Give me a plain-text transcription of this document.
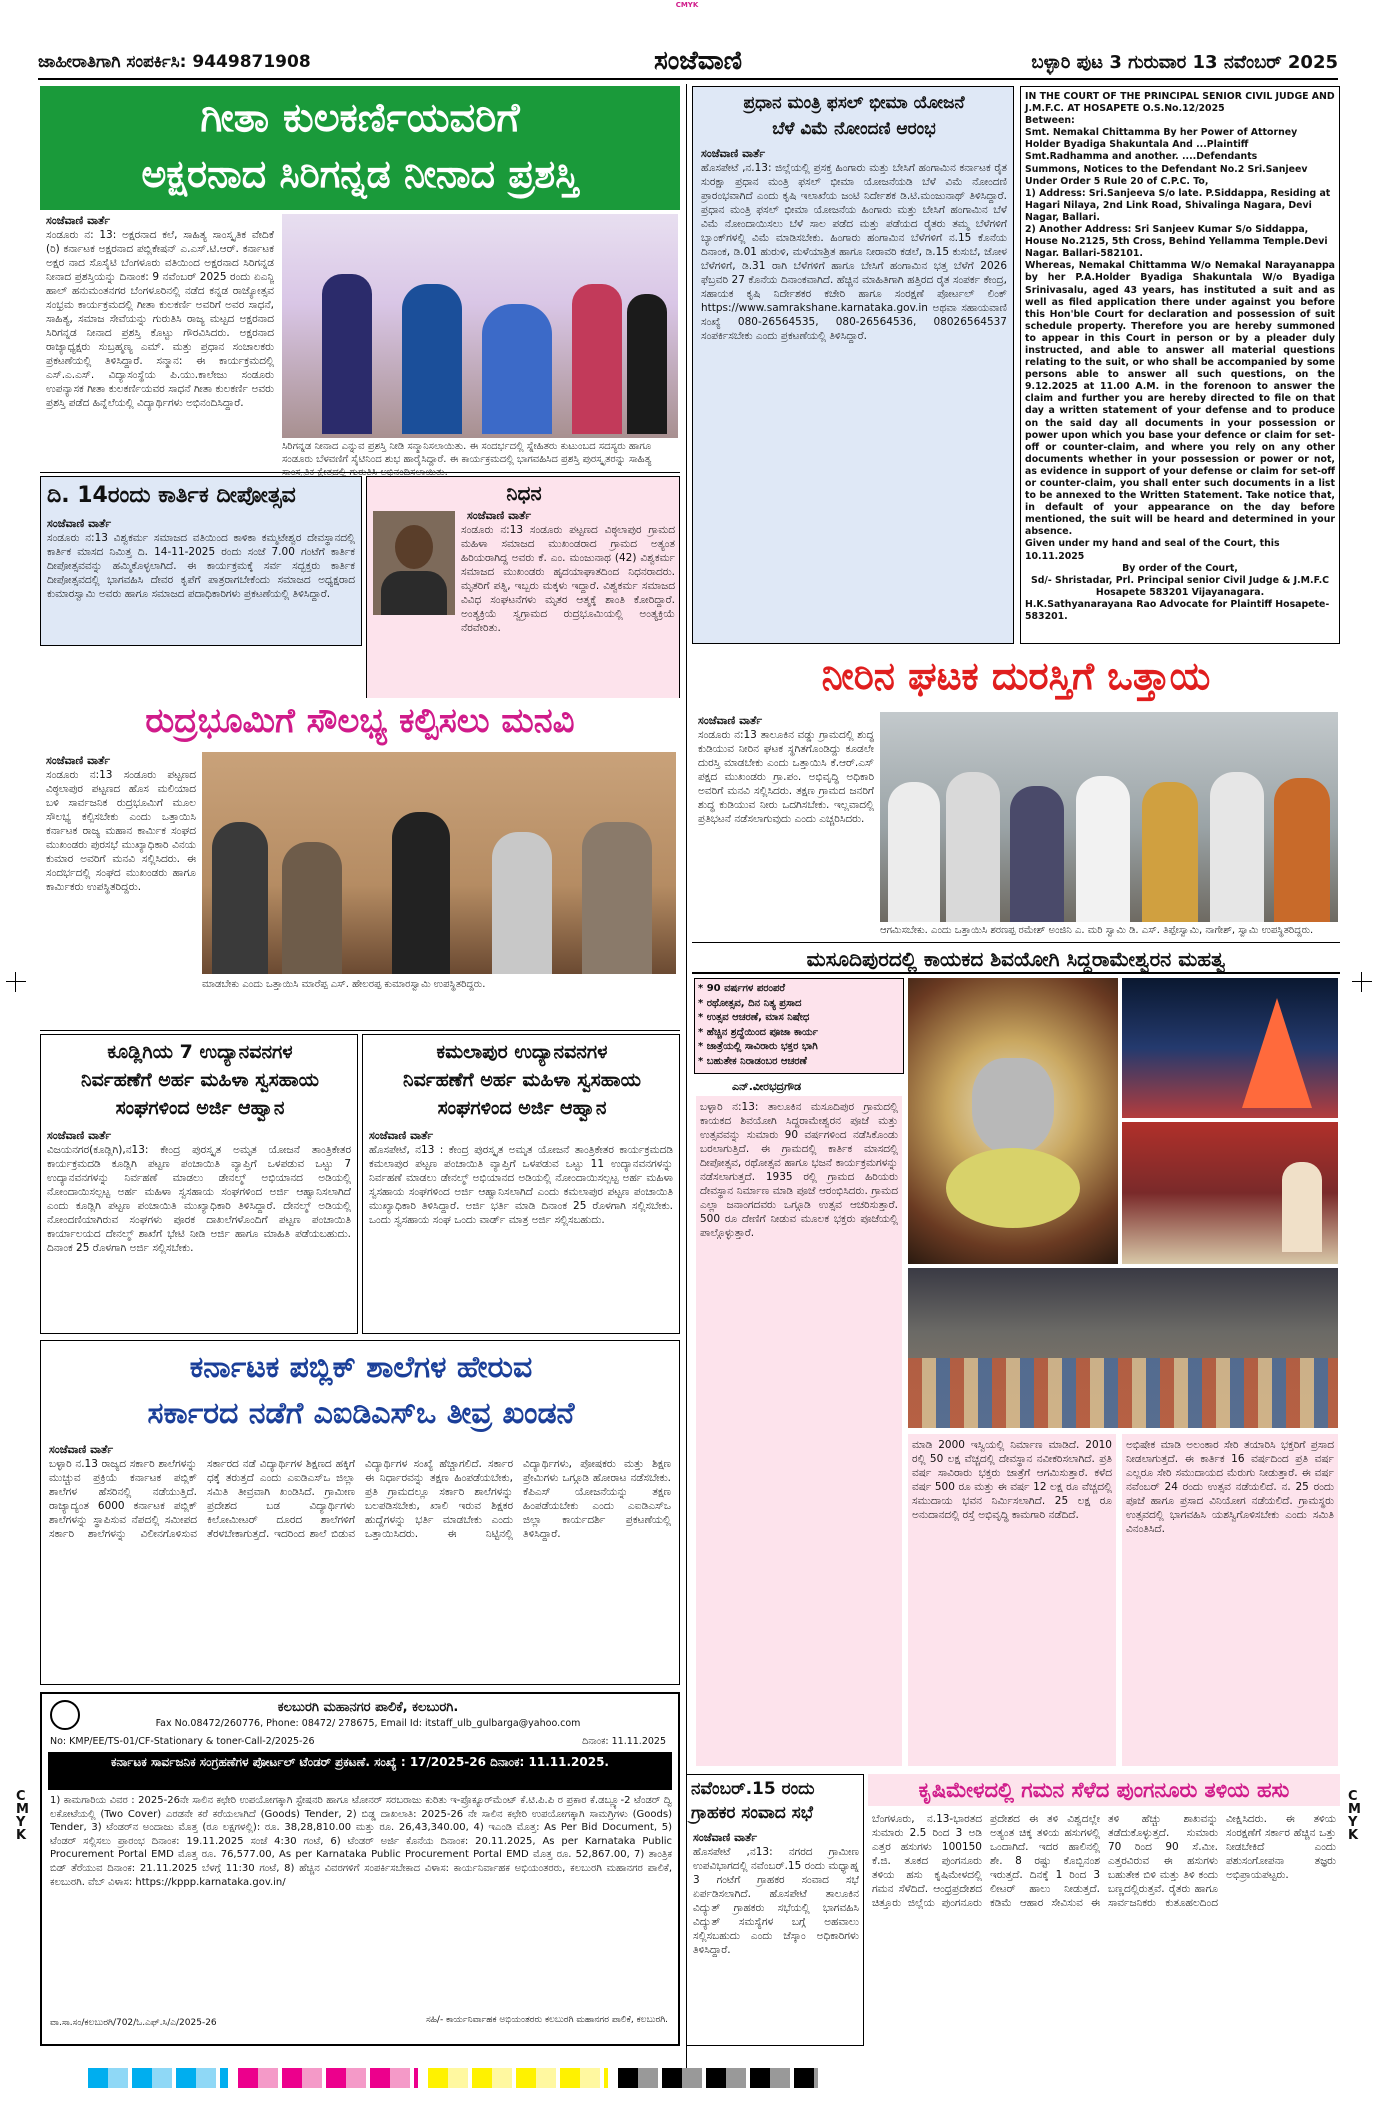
CMYK
ಜಾಹೀರಾತಿಗಾಗಿ ಸಂಪರ್ಕಿಸಿ: 9449871908	ಸಂಜೆವಾಣಿ	ಬಳ್ಳಾರಿ ಪುಟ 3 ಗುರುವಾರ 13 ನವೆಂಬರ್ 2025
ಗೀತಾ ಕುಲಕರ್ಣಿಯವರಿಗೆ
ಅಕ್ಷರನಾದ ಸಿರಿಗನ್ನಡ ನೀನಾದ ಪ್ರಶಸ್ತಿ
ಸಂಜೆವಾಣಿ ವಾರ್ತೆ
ಸಂಡೂರು ನ: 13: ಅಕ್ಷರನಾದ ಕಲೆ, ಸಾಹಿತ್ಯ ಸಾಂಸ್ಕೃತಿಕ ವೇದಿಕೆ (ರಿ) ಕರ್ನಾಟಕ ಅಕ್ಷರನಾದ ಪಬ್ಲಿಕೇಷನ್ ಎ.ಎಸ್.ಟಿ.ಆರ್. ಕರ್ನಾಟಕ ಅಕ್ಷರ ನಾದ ಸೊಸೈಟಿ ಬೆಂಗಳೂರು ವತಿಯಿಂದ ಅಕ್ಷರನಾದ ಸಿರಿಗನ್ನಡ ನೀನಾದ ಪ್ರಶಸ್ತಿಯನ್ನು ದಿನಾಂಕ: 9 ನವೆಂಬರ್ 2025 ರಂದು ಏಎನ್ಜಿ ಹಾಲ್ ಹನುಮಂತನಗರ ಬೆಂಗಳೂರಿನಲ್ಲಿ ನಡೆದ ಕನ್ನಡ ರಾಜ್ಯೋತ್ಸವ ಸಂಭ್ರಮ ಕಾರ್ಯಕ್ರಮದಲ್ಲಿ ಗೀತಾ ಕುಲಕರ್ಣಿ ಅವರಿಗೆ ಅವರ ಸಾಧನೆ, ಸಾಹಿತ್ಯ, ಸಮಾಜ ಸೇವೆಯನ್ನು ಗುರುತಿಸಿ ರಾಜ್ಯ ಮಟ್ಟದ ಅಕ್ಷರನಾದ ಸಿರಿಗನ್ನಡ ನೀನಾದ ಪ್ರಶಸ್ತಿ ಕೊಟ್ಟು ಗೌರವಿಸಿದರು. ಅಕ್ಷರನಾದ ರಾಜ್ಯಾಧ್ಯಕ್ಷರು ಸುಬ್ರಹ್ಮಣ್ಯ ಎಮ್. ಮತ್ತು ಪ್ರಧಾನ ಸಂಚಾಲಕರು ಪ್ರಕಟಣೆಯಲ್ಲಿ ತಿಳಿಸಿದ್ದಾರೆ. ಸನ್ಮಾನ: ಈ ಕಾರ್ಯಕ್ರಮದಲ್ಲಿ ಎಸ್.ಎ.ಎಸ್. ವಿದ್ಯಾಸಂಸ್ಥೆಯ ಪಿ.ಯು.ಕಾಲೇಜು ಸಂಡೂರು ಉಪನ್ಯಾಸಕ ಗೀತಾ ಕುಲಕರ್ಣಿಯವರ ಸಾಧನೆ ಗೀತಾ ಕುಲಕರ್ಣಿ ಅವರು ಪ್ರಶಸ್ತಿ ಪಡೆದ ಹಿನ್ನೆಲೆಯಲ್ಲಿ ವಿದ್ಯಾರ್ಥಿಗಳು ಅಭಿನಂದಿಸಿದ್ದಾರೆ.
ಸಿರಿಗನ್ನಡ ನೀನಾದ ಎನ್ನುವ ಪ್ರಶಸ್ತಿ ನೀಡಿ ಸನ್ಮಾನಿಸಲಾಯಿತು. ಈ ಸಂದರ್ಭದಲ್ಲಿ ಸ್ನೇಹಿತರು ಕುಟುಂಬದ ಸದಸ್ಯರು ಹಾಗೂ ಸಂಡೂರು ಬೆಳವಣಿಗೆ ಸೈಟಿನಿಂದ ಶುಭ ಹಾರೈಸಿದ್ದಾರೆ. ಈ ಕಾರ್ಯಕ್ರಮದಲ್ಲಿ ಭಾಗವಹಿಸಿದ ಪ್ರಶಸ್ತಿ ಪುರಸ್ಕೃತರನ್ನು ಸಾಹಿತ್ಯ
ದಿ. 14ರಂದು ಕಾರ್ತಿಕ ದೀಪೋತ್ಸವ
ಸಂಜೆವಾಣಿ ವಾರ್ತೆ
ಸಂಡೂರು ನ:13 ವಿಶ್ವಕರ್ಮ ಸಮಾಜದ ವತಿಯಿಂದ ಕಾಳಿಕಾ ಕಮ್ಮಟೇಶ್ವರ ದೇವಸ್ಥಾನದಲ್ಲಿ ಕಾರ್ತಿಕ ಮಾಸದ ನಿಮಿತ್ತ ದಿ. 14-11-2025 ರಂದು ಸಂಜೆ 7.00 ಗಂಟೆಗೆ ಕಾರ್ತಿಕ ದೀಪೋತ್ಸವವನ್ನು ಹಮ್ಮಿಕೊಳ್ಳಲಾಗಿದೆ. ಈ ಕಾರ್ಯಕ್ರಮಕ್ಕೆ ಸರ್ವ ಸದ್ಭಕ್ತರು ಕಾರ್ತಿಕ ದೀಪೋತ್ಸವದಲ್ಲಿ ಭಾಗವಹಿಸಿ ದೇವರ ಕೃಪೆಗೆ ಪಾತ್ರರಾಗಬೇಕೆಂದು ಸಮಾಜದ ಅಧ್ಯಕ್ಷರಾದ ಕುಮಾರಸ್ವಾಮಿ ಅವರು ಹಾಗೂ ಸಮಾಜದ ಪದಾಧಿಕಾರಿಗಳು ಪ್ರಕಟಣೆಯಲ್ಲಿ ತಿಳಿಸಿದ್ದಾರೆ.
ನಿಧನ
ಸಂಜೆವಾಣಿ ವಾರ್ತೆ
ಸಂಡೂರು ನ:13 ಸಂಡೂರು ಪಟ್ಟಣದ ವಿಠ್ಠಲಾಪುರ ಗ್ರಾಮದ ಮಹಿಳಾ ಸಮಾಜದ ಮುಖಂಡರಾದ ಗ್ರಾಮದ ಅತ್ಯಂತ ಹಿರಿಯರಾಗಿದ್ದ ಅವರು ಕೆ. ಎಂ. ಮಂಜುನಾಥ (42) ವಿಶ್ವಕರ್ಮ ಸಮಾಜದ ಮುಖಂಡರು ಹೃದಯಾಘಾತದಿಂದ ನಿಧನರಾದರು. ಮೃತರಿಗೆ ಪತ್ನಿ, ಇಬ್ಬರು ಮಕ್ಕಳು ಇದ್ದಾರೆ. ವಿಶ್ವಕರ್ಮ ಸಮಾಜದ ವಿವಿಧ ಸಂಘಟನೆಗಳು ಮೃತರ ಆತ್ಮಕ್ಕೆ ಶಾಂತಿ ಕೋರಿದ್ದಾರೆ. ಅಂತ್ಯಕ್ರಿಯೆ ಸ್ವಗ್ರಾಮದ ರುದ್ರಭೂಮಿಯಲ್ಲಿ ಅಂತ್ಯಕ್ರಿಯೆ ನೆರವೇರಿತು.
ರುದ್ರಭೂಮಿಗೆ ಸೌಲಭ್ಯ ಕಲ್ಪಿಸಲು ಮನವಿ
ಸಂಜೆವಾಣಿ ವಾರ್ತೆ
ಸಂಡೂರು ನ:13 ಸಂಡೂರು ಪಟ್ಟಣದ ವಿಠ್ಠಲಾಪುರ ಪಟ್ಟಣದ ಹೊಸ ಮಲಿಯಾದ ಬಳಿ ಸಾರ್ವಜನಿಕ ರುದ್ರಭೂಮಿಗೆ ಮೂಲ ಸೌಲಭ್ಯ ಕಲ್ಪಿಸಬೇಕು ಎಂದು ಒತ್ತಾಯಿಸಿ ಕರ್ನಾಟಕ ರಾಜ್ಯ ಮಹಾನ ಕಾರ್ಮಿಕ ಸಂಘದ ಮುಖಂಡರು ಪುರಸಭೆ ಮುಖ್ಯಾಧಿಕಾರಿ ವಿನಯ ಕುಮಾರ ಅವರಿಗೆ ಮನವಿ ಸಲ್ಲಿಸಿದರು. ಈ ಸಂದರ್ಭದಲ್ಲಿ ಸಂಘದ ಮುಖಂಡರು ಹಾಗೂ ಕಾರ್ಮಿಕರು ಉಪಸ್ಥಿತರಿದ್ದರು.
ಮಾಡಬೇಕು ಎಂದು ಒತ್ತಾಯಿಸಿ ಮಾರೆಪ್ಪ ಎಸ್. ಹೇಲರಪ್ಪ ಕುಮಾರಸ್ವಾಮಿ ಉಪಸ್ಥಿತರಿದ್ದರು.
ಕೂಡ್ಲಿಗಿಯ 7 ಉದ್ಯಾನವನಗಳ
ನಿರ್ವಹಣೆಗೆ ಅರ್ಹ ಮಹಿಳಾ ಸ್ವಸಹಾಯ
ಸಂಘಗಳಿಂದ ಅರ್ಜಿ ಆಹ್ವಾನ
ಸಂಜೆವಾಣಿ ವಾರ್ತೆ
ವಿಜಯನಗರ(ಕೂಡ್ಲಿಗಿ),ನ13: ಕೇಂದ್ರ ಪುರಸ್ಕೃತ ಅಮೃತ ಯೋಜನೆ ತಾಂತ್ರಿಕೇತರ ಕಾರ್ಯಕ್ರಮದಡಿ ಕೂಡ್ಲಿಗಿ ಪಟ್ಟಣ ಪಂಚಾಯಿತಿ ವ್ಯಾಪ್ತಿಗೆ ಒಳಪಡುವ ಒಟ್ಟು 7 ಉದ್ಯಾನವನಗಳನ್ನು ನಿರ್ವಹಣೆ ಮಾಡಲು ಡೇನಲ್ಮ್ ಅಭಿಯಾನದ ಅಡಿಯಲ್ಲಿ ನೋಂದಾಯಿಸಲ್ಪಟ್ಟ ಅರ್ಹ ಮಹಿಳಾ ಸ್ವಸಹಾಯ ಸಂಘಗಳಿಂದ ಅರ್ಜಿ ಆಹ್ವಾನಿಸಲಾಗಿದೆ ಎಂದು ಕೂಡ್ಲಿಗಿ ಪಟ್ಟಣ ಪಂಚಾಯಿತಿ ಮುಖ್ಯಾಧಿಕಾರಿ ತಿಳಿಸಿದ್ದಾರೆ. ದೇನಲ್ಮ್ ಅಡಿಯಲ್ಲಿ ನೋಂದಣಿಯಾಗಿರುವ ಸಂಘಗಳು ಪೂರಕ ದಾಖಲೆಗಳೊಂದಿಗೆ ಪಟ್ಟಣ ಪಂಚಾಯಿತಿ ಕಾರ್ಯಾಲಯದ ದೇನಲ್ಮ್ ಶಾಖೆಗೆ ಭೇಟಿ ನೀಡಿ ಅರ್ಜಿ ಹಾಗೂ ಮಾಹಿತಿ ಪಡೆಯಬಹುದು. ದಿನಾಂಕ 25 ರೊಳಗಾಗಿ ಅರ್ಜಿ ಸಲ್ಲಿಸಬೇಕು.
ಕಮಲಾಪುರ ಉದ್ಯಾನವನಗಳ
ನಿರ್ವಹಣೆಗೆ ಅರ್ಹ ಮಹಿಳಾ ಸ್ವಸಹಾಯ
ಸಂಘಗಳಿಂದ ಅರ್ಜಿ ಆಹ್ವಾನ
ಸಂಜೆವಾಣಿ ವಾರ್ತೆ
ಹೊಸಪೇಟೆ, ನ13 : ಕೇಂದ್ರ ಪುರಸ್ಕೃತ ಅಮೃತ ಯೋಜನೆ ತಾಂತ್ರಿಕೇತರ ಕಾರ್ಯಕ್ರಮದಡಿ ಕಮಲಾಪುರ ಪಟ್ಟಣ ಪಂಚಾಯಿತಿ ವ್ಯಾಪ್ತಿಗೆ ಒಳಪಡುವ ಒಟ್ಟು 11 ಉದ್ಯಾನವನಗಳನ್ನು ನಿರ್ವಹಣೆ ಮಾಡಲು ಡೇನಲ್ಮ್ ಅಭಿಯಾನದ ಅಡಿಯಲ್ಲಿ ನೋಂದಾಯಿಸಲ್ಪಟ್ಟ ಅರ್ಹ ಮಹಿಳಾ ಸ್ವಸಹಾಯ ಸಂಘಗಳಿಂದ ಅರ್ಜಿ ಆಹ್ವಾನಿಸಲಾಗಿದೆ ಎಂದು ಕಮಲಾಪುರ ಪಟ್ಟಣ ಪಂಚಾಯಿತಿ ಮುಖ್ಯಾಧಿಕಾರಿ ತಿಳಿಸಿದ್ದಾರೆ. ಅರ್ಜಿ ಭರ್ತಿ ಮಾಡಿ ದಿನಾಂಕ 25 ರೊಳಗಾಗಿ ಸಲ್ಲಿಸಬೇಕು. ಒಂದು ಸ್ವಸಹಾಯ ಸಂಘ ಒಂದು ವಾರ್ಡ್ ಮಾತ್ರ ಅರ್ಜಿ ಸಲ್ಲಿಸಬಹುದು.
ಕರ್ನಾಟಕ ಪಬ್ಲಿಕ್ ಶಾಲೆಗಳ ಹೇರುವ
ಸರ್ಕಾರದ ನಡೆಗೆ ಎಐಡಿಎಸ್‌ಒ ತೀವ್ರ ಖಂಡನೆ
ಸಂಜೆವಾಣಿ ವಾರ್ತೆ
ಬಳ್ಳಾರಿ ನ.13 ರಾಜ್ಯದ ಸರ್ಕಾರಿ ಶಾಲೆಗಳನ್ನು ಮುಚ್ಚುವ ಪ್ರಕ್ರಿಯೆ ಕರ್ನಾಟಕ ಪಬ್ಲಿಕ್ ಶಾಲೆಗಳ ಹೆಸರಿನಲ್ಲಿ ನಡೆಯುತ್ತಿದೆ. ರಾಜ್ಯಾದ್ಯಂತ 6000 ಕರ್ನಾಟಕ ಪಬ್ಲಿಕ್ ಶಾಲೆಗಳನ್ನು ಸ್ಥಾಪಿಸುವ ನೆಪದಲ್ಲಿ ಸಮೀಪದ ಸರ್ಕಾರಿ ಶಾಲೆಗಳನ್ನು ವಿಲೀನಗೊಳಿಸುವ ಸರ್ಕಾರದ ನಡೆ ವಿದ್ಯಾರ್ಥಿಗಳ ಶಿಕ್ಷಣದ ಹಕ್ಕಿಗೆ ಧಕ್ಕೆ ತರುತ್ತದೆ ಎಂದು ಎಐಡಿಎಸ್‌ಒ ಜಿಲ್ಲಾ ಸಮಿತಿ ತೀವ್ರವಾಗಿ ಖಂಡಿಸಿದೆ. ಗ್ರಾಮೀಣ ಪ್ರದೇಶದ ಬಡ ವಿದ್ಯಾರ್ಥಿಗಳು ಕಿಲೋಮೀಟರ್ ದೂರದ ಶಾಲೆಗಳಿಗೆ ತೆರಳಬೇಕಾಗುತ್ತದೆ. ಇದರಿಂದ ಶಾಲೆ ಬಿಡುವ ವಿದ್ಯಾರ್ಥಿಗಳ ಸಂಖ್ಯೆ ಹೆಚ್ಚಾಗಲಿದೆ. ಸರ್ಕಾರ ಈ ನಿರ್ಧಾರವನ್ನು ತಕ್ಷಣ ಹಿಂಪಡೆಯಬೇಕು, ಪ್ರತಿ ಗ್ರಾಮದಲ್ಲೂ ಸರ್ಕಾರಿ ಶಾಲೆಗಳನ್ನು ಬಲಪಡಿಸಬೇಕು, ಖಾಲಿ ಇರುವ ಶಿಕ್ಷಕರ ಹುದ್ದೆಗಳನ್ನು ಭರ್ತಿ ಮಾಡಬೇಕು ಎಂದು ಒತ್ತಾಯಿಸಿದರು. ಈ ನಿಟ್ಟಿನಲ್ಲಿ ವಿದ್ಯಾರ್ಥಿಗಳು, ಪೋಷಕರು ಮತ್ತು ಶಿಕ್ಷಣ ಪ್ರೇಮಿಗಳು ಒಗ್ಗೂಡಿ ಹೋರಾಟ ನಡೆಸಬೇಕು. ಕೆಪಿಎಸ್ ಯೋಜನೆಯನ್ನು ತಕ್ಷಣ ಹಿಂಪಡೆಯಬೇಕು ಎಂದು ಎಐಡಿಎಸ್‌ಒ ಜಿಲ್ಲಾ ಕಾರ್ಯದರ್ಶಿ ಪ್ರಕಟಣೆಯಲ್ಲಿ ತಿಳಿಸಿದ್ದಾರೆ.
ಕಲಬುರಗಿ ಮಹಾನಗರ ಪಾಲಿಕೆ, ಕಲಬುರಗಿ.
Fax No.08472/260776, Phone: 08472/ 278675, Email Id: itstaff_ulb_gulbarga@yahoo.com
No: KMP/EE/TS-01/CF-Stationary & toner-Call-2/2025-26	ದಿನಾಂಕ: 11.11.2025
ಕರ್ನಾಟಕ ಸಾರ್ವಜನಿಕ ಸಂಗ್ರಹಣೆಗಳ ಪೋರ್ಟಲ್ ಟೆಂಡರ್ ಪ್ರಕಟಣೆ. ಸಂಖ್ಯೆ : 17/2025-26 ದಿನಾಂಕ: 11.11.2025.
1) ಕಾಮಗಾರಿಯ ವಿವರ : 2025-26ನೇ ಸಾಲಿನ ಕಛೇರಿ ಉಪಯೋಗಕ್ಕಾಗಿ ಸ್ಟೇಷನರಿ ಹಾಗೂ ಟೋನರ್ ಸರಬರಾಜು ಕುರಿತು ಇ-ಪ್ರೊಕ್ಯೂರ್‌ಮೆಂಟ್ ಕೆ.ಟಿ.ಪಿ.ಪಿ ರ ಪ್ರಕಾರ ಕೆ.ಡಬ್ಲ್ಯೂ-2 ಟೆಂಡರ್‌ ದ್ವಿ ಲಕೋಟೆಯಲ್ಲಿ (Two Cover) ಎರಡನೇ ಕರೆ ಕರೆಯಲಾಗಿದೆ (Goods) Tender, 2) ಬಿಡ್ಡ ದಾಖಲಾತಿ: 2025-26 ನೇ ಸಾಲಿನ ಕಛೇರಿ ಉಪಯೋಗಕ್ಕಾಗಿ ಸಾಮಗ್ರಿಗಳು (Goods) Tender, 3) ಟೆಂಡರ್‌ನ ಅಂದಾಜು ಮೊತ್ತ (ರೂ ಲಕ್ಷಗಳಲ್ಲಿ): ರೂ. 38,28,810.00 ಮತ್ತು ರೂ. 26,43,340.00, 4) ಇಎಂಡಿ ಮೊತ್ತ: As Per Bid Document, 5) ಟೆಂಡರ್ ಸಲ್ಲಿಸಲು ಪ್ರಾರಂಭ ದಿನಾಂಕ: 19.11.2025 ಸಂಜೆ 4:30 ಗಂಟೆ, 6) ಟೆಂಡರ್ ಅರ್ಜಿ ಕೊನೆಯ ದಿನಾಂಕ: 20.11.2025, As per Karnataka Public Procurement Portal EMD ಮೊತ್ತ ರೂ. 76,577.00, As per Karnataka Public Procurement Portal EMD ಮೊತ್ತ ರೂ. 52,867.00, 7) ತಾಂತ್ರಿಕ ಬಿಡ್ ತೆರೆಯುವ ದಿನಾಂಕ: 21.11.2025 ಬೆಳಗ್ಗೆ 11:30 ಗಂಟೆ, 8) ಹೆಚ್ಚಿನ ವಿವರಗಳಿಗೆ ಸಂಪರ್ಕಿಸಬೇಕಾದ ವಿಳಾಸ: ಕಾರ್ಯನಿರ್ವಾಹಕ ಅಭಿಯಂತರರು, ಕಲಬುರಗಿ ಮಹಾನಗರ ಪಾಲಿಕೆ, ಕಲಬುರಗಿ. ವೆಬ್ ವಿಳಾಸ: https://kppp.karnataka.gov.in/
ವಾ.ಸಾ.ಸಂ/ಕಲಬುರಗಿ/702/ಓ.ಎಫ್.ಸಿ/ಎ/2025-26	ಸಹಿ/- ಕಾರ್ಯನಿರ್ವಾಹಕ ಅಭಿಯಂತರರು ಕಲಬುರಗಿ ಮಹಾನಗರ ಪಾಲಿಕೆ, ಕಲಬುರಗಿ.
ಪ್ರಧಾನ ಮಂತ್ರಿ ಫಸಲ್ ಭೀಮಾ ಯೋಜನೆ
ಬೆಳೆ ವಿಮೆ ನೋಂದಣಿ ಆರಂಭ
ಸಂಜೆವಾಣಿ ವಾರ್ತೆ
ಹೊಸಪೇಟೆ ,ನ.13: ಜಿಲ್ಲೆಯಲ್ಲಿ ಪ್ರಸಕ್ತ ಹಿಂಗಾರು ಮತ್ತು ಬೇಸಿಗೆ ಹಂಗಾಮಿನ ಕರ್ನಾಟಕ ರೈತ ಸುರಕ್ಷಾ ಪ್ರಧಾನ ಮಂತ್ರಿ ಫಸಲ್ ಭೀಮಾ ಯೋಜನೆಯಡಿ ಬೆಳೆ ವಿಮೆ ನೋಂದಣಿ ಪ್ರಾರಂಭವಾಗಿದೆ ಎಂದು ಕೃಷಿ ಇಲಾಖೆಯ ಜಂಟಿ ನಿರ್ದೇಶಕ ಡಿ.ಟಿ.ಮಂಜುನಾಥ್ ತಿಳಿಸಿದ್ದಾರೆ. ಪ್ರಧಾನ ಮಂತ್ರಿ ಫಸಲ್ ಭೀಮಾ ಯೋಜನೆಯ ಹಿಂಗಾರು ಮತ್ತು ಬೇಸಿಗೆ ಹಂಗಾಮಿನ ಬೆಳೆ ವಿಮೆ ನೋಂದಾಯಿಸಲು ಬೆಳೆ ಸಾಲ ಪಡೆದ ಮತ್ತು ಪಡೆಯದ ರೈತರು ತಮ್ಮ ಬೆಳೆಗಳಿಗೆ ಬ್ಯಾಂಕ್‌ಗಳಲ್ಲಿ ವಿಮೆ ಮಾಡಿಸಬೇಕು. ಹಿಂಗಾರು ಹಂಗಾಮಿನ ಬೆಳೆಗಳಿಗೆ ನ.15 ಕೊನೆಯ ದಿನಾಂಕ, ಡಿ.01 ಹುರುಳಿ, ಮಳೆಯಾಶ್ರಿತ ಹಾಗೂ ನೀರಾವರಿ ಕಡಲೆ, ಡಿ.15 ಕುಸುಬೆ, ಜೋಳ ಬೆಳೆಗಳಿಗೆ, ಡಿ.31 ರಾಗಿ ಬೆಳೆಗಳಿಗೆ ಹಾಗೂ ಬೇಸಿಗೆ ಹಂಗಾಮಿನ ಭತ್ತ ಬೆಳೆಗೆ 2026 ಫೆಬ್ರವರಿ 27 ಕೊನೆಯ ದಿನಾಂಕವಾಗಿದೆ. ಹೆಚ್ಚಿನ ಮಾಹಿತಿಗಾಗಿ ಹತ್ತಿರದ ರೈತ ಸಂಪರ್ಕ ಕೇಂದ್ರ, ಸಹಾಯಕ ಕೃಷಿ ನಿರ್ದೇಶಕರ ಕಚೇರಿ ಹಾಗೂ ಸಂರಕ್ಷಣೆ ಪೋರ್ಟಲ್ ಲಿಂಕ್ https://www.samrakshane.karnataka.gov.in ಅಥವಾ ಸಹಾಯವಾಣಿ ಸಂಖ್ಯೆ 080-26564535, 080-26564536, 08026564537 ಸಂಪರ್ಕಿಸಬೇಕು ಎಂದು ಪ್ರಕಟಣೆಯಲ್ಲಿ ತಿಳಿಸಿದ್ದಾರೆ.
IN THE COURT OF THE PRINCIPAL SENIOR CIVIL JUDGE AND J.M.F.C. AT HOSAPETE O.S.No.12/2025
Between:
Smt. Nemakal Chittamma By her Power of Attorney Holder Byadiga Shakuntala And ...Plaintiff
Smt.Radhamma and another. ....Defendants
Summons, Notices to the Defendant No.2 Sri.Sanjeev Under Order 5 Rule 20 of C.P.C. To,
1) Address: Sri.Sanjeeva S/o late. P.Siddappa, Residing at Hagari Nilaya, 2nd Link Road, Shivalinga Nagara, Devi Nagar, Ballari.
2) Another Address: Sri Sanjeev Kumar S/o Siddappa, House No.2125, 5th Cross, Behind Yellamma Temple.Devi Nagar. Ballari-582101.
Whereas, Nemakal Chittamma W/o Nemakal Narayanappa by her P.A.Holder Byadiga Shakuntala W/o Byadiga Srinivasalu, aged 43 years, has instituted a suit and as well as filed application there under against you before this Hon'ble Court for declaration and possession of suit schedule property. Therefore you are hereby summoned to appear in this Court in person or by a pleader duly instructed, and able to answer all material questions relating to the suit, or who shall be accompanied by some persons able to answer all such questions, on the 9.12.2025 at 11.00 A.M. in the forenoon to answer the claim and further you are hereby directed to file on that day a written statement of your defense and to produce on the said day all documents in your possession or power upon which you base your defence or claim for set-off or counter-claim, and where you rely on any other documents whether in your possession or power or not, as evidence in support of your defense or claim for set-off or counter-claim, you shall enter such documents in a list to be annexed to the Written Statement. Take notice that, in default of your appearance on the day before mentioned, the suit will be heard and determined in your absence.
Given under my hand and seal of the Court, this 10.11.2025
By order of the Court,
Sd/- Shristadar, Prl. Principal senior Civil Judge & J.M.F.C Hosapete 583201 Vijayanagara.
H.K.Sathyanarayana Rao Advocate for Plaintiff Hosapete-583201.
ನೀರಿನ ಘಟಕ ದುರಸ್ತಿಗೆ ಒತ್ತಾಯ
ಸಂಜೆವಾಣಿ ವಾರ್ತೆ
ಸಂಡೂರು ನ:13 ತಾಲೂಕಿನ ವಡ್ಡು ಗ್ರಾಮದಲ್ಲಿ ಶುದ್ಧ ಕುಡಿಯುವ ನೀರಿನ ಘಟಕ ಸ್ಥಗಿತಗೊಂಡಿದ್ದು ಕೂಡಲೇ ದುರಸ್ತಿ ಮಾಡಬೇಕು ಎಂದು ಒತ್ತಾಯಿಸಿ ಕೆ.ಆರ್.ಎಸ್ ಪಕ್ಷದ ಮುಖಂಡರು ಗ್ರಾ.ಪಂ. ಅಭಿವೃದ್ಧಿ ಅಧಿಕಾರಿ ಅವರಿಗೆ ಮನವಿ ಸಲ್ಲಿಸಿದರು. ತಕ್ಷಣ ಗ್ರಾಮದ ಜನರಿಗೆ ಶುದ್ಧ ಕುಡಿಯುವ ನೀರು ಒದಗಿಸಬೇಕು. ಇಲ್ಲವಾದಲ್ಲಿ ಪ್ರತಿಭಟನೆ ನಡೆಸಲಾಗುವುದು ಎಂದು ಎಚ್ಚರಿಸಿದರು.
ಆಗಮಿಸಬೇಕು. ಎಂದು ಒತ್ತಾಯಿಸಿ ಶರಣಪ್ಪ ರಮೇಶ್ ಅಂಜಿನಿ ಎ. ಮರಿ ಸ್ವಾಮಿ ಡಿ. ಎಸ್. ತಿಪ್ಪೇಸ್ವಾಮಿ, ನಾಗೇಶ್, ಸ್ವಾಮಿ ಉಪಸ್ಥಿತರಿದ್ದರು.
ಮಸೂದಿಪುರದಲ್ಲಿ ಕಾಯಕದ ಶಿವಯೋಗಿ ಸಿದ್ದರಾಮೇಶ್ವರನ ಮಹತ್ವ
* 90 ವರ್ಷಗಳ ಪರಂಪರೆ
* ರಥೋತ್ಸವ, ದಿನ ನಿತ್ಯ ಪ್ರಸಾದ
* ಉತ್ಸವ ಆಚರಣೆ, ಮಾಸ ನಿಷೇಧ
* ಹೆಚ್ಚಿನ ಶ್ರದ್ಧೆಯಿಂದ ಪೂಜಾ ಕಾರ್ಯ
* ಜಾತ್ರೆಯಲ್ಲಿ ಸಾವಿರಾರು ಭಕ್ತರ ಭಾಗಿ
* ಬಹುತೇಕ ನಿರಾಡಂಬರ ಆಚರಣೆ
ಎನ್.ವೀರಭದ್ರಗೌಡ
ಬಳ್ಳಾರಿ ನ:13: ತಾಲೂಕಿನ ಮಸೂದಿಪುರ ಗ್ರಾಮದಲ್ಲಿ ಕಾಯಕದ ಶಿವಯೋಗಿ ಸಿದ್ದರಾಮೇಶ್ವರನ ಪೂಜೆ ಮತ್ತು ಉತ್ಸವವನ್ನು ಸುಮಾರು 90 ವರ್ಷಗಳಿಂದ ನಡೆಸಿಕೊಂಡು ಬರಲಾಗುತ್ತಿದೆ. ಈ ಗ್ರಾಮದಲ್ಲಿ ಕಾರ್ತಿಕ ಮಾಸದಲ್ಲಿ ದೀಪೋತ್ಸವ, ರಥೋತ್ಸವ ಹಾಗೂ ಭಜನೆ ಕಾರ್ಯಕ್ರಮಗಳನ್ನು ನಡೆಸಲಾಗುತ್ತದೆ. 1935 ರಲ್ಲಿ ಗ್ರಾಮದ ಹಿರಿಯರು ದೇವಸ್ಥಾನ ನಿರ್ಮಾಣ ಮಾಡಿ ಪೂಜೆ ಆರಂಭಿಸಿದರು. ಗ್ರಾಮದ ಎಲ್ಲಾ ಜನಾಂಗದವರು ಒಗ್ಗೂಡಿ ಉತ್ಸವ ಆಚರಿಸುತ್ತಾರೆ. 500 ರೂ ದೇಣಿಗೆ ನೀಡುವ ಮೂಲಕ ಭಕ್ತರು ಪೂಜೆಯಲ್ಲಿ ಪಾಲ್ಗೊಳ್ಳುತ್ತಾರೆ.
ಮಾಡಿ 2000 ಇಸ್ವಿಯಲ್ಲಿ ನಿರ್ಮಾಣ ಮಾಡಿದೆ. 2010 ರಲ್ಲಿ 50 ಲಕ್ಷ ವೆಚ್ಚದಲ್ಲಿ ದೇವಸ್ಥಾನ ನವೀಕರಿಸಲಾಗಿದೆ. ಪ್ರತಿ ವರ್ಷ ಸಾವಿರಾರು ಭಕ್ತರು ಜಾತ್ರೆಗೆ ಆಗಮಿಸುತ್ತಾರೆ. ಕಳೆದ ವರ್ಷ 500 ರೂ ಮತ್ತು ಈ ವರ್ಷ 12 ಲಕ್ಷ ರೂ ವೆಚ್ಚದಲ್ಲಿ ಸಮುದಾಯ ಭವನ ನಿರ್ಮಿಸಲಾಗಿದೆ. 25 ಲಕ್ಷ ರೂ ಅನುದಾನದಲ್ಲಿ ರಸ್ತೆ ಅಭಿವೃದ್ಧಿ ಕಾಮಗಾರಿ ನಡೆದಿದೆ.
ಅಭಿಷೇಕ ಮಾಡಿ ಅಲಂಕಾರ ಸೇರಿ ತಯಾರಿಸಿ ಭಕ್ತರಿಗೆ ಪ್ರಸಾದ ನೀಡಲಾಗುತ್ತದೆ. ಈ ಕಾರ್ತಿಕ 16 ವರ್ಷದಿಂದ ಪ್ರತಿ ವರ್ಷ ಎಲ್ಲರೂ ಸೇರಿ ಸಮುದಾಯದ ಮೆರುಗು ನೀಡುತ್ತಾರೆ. ಈ ವರ್ಷ ನವೆಂಬರ್ 24 ರಂದು ಉತ್ಸವ ನಡೆಯಲಿದೆ. ನ. 25 ರಂದು ಪೂಜೆ ಹಾಗೂ ಪ್ರಸಾದ ವಿನಿಯೋಗ ನಡೆಯಲಿದೆ. ಗ್ರಾಮಸ್ಥರು ಉತ್ಸವದಲ್ಲಿ ಭಾಗವಹಿಸಿ ಯಶಸ್ವಿಗೊಳಿಸಬೇಕು ಎಂದು ಸಮಿತಿ ವಿನಂತಿಸಿದೆ.
ನವೆಂಬರ್.15 ರಂದು
ಗ್ರಾಹಕರ ಸಂವಾದ ಸಭೆ
ಸಂಜೆವಾಣಿ ವಾರ್ತೆ
ಹೊಸಪೇಟೆ ,ನ13: ನಗರದ ಗ್ರಾಮೀಣ ಉಪವಿಭಾಗದಲ್ಲಿ ನವೆಂಬರ್.15 ರಂದು ಮಧ್ಯಾಹ್ನ 3 ಗಂಟೆಗೆ ಗ್ರಾಹಕರ ಸಂವಾದ ಸಭೆ ಏರ್ಪಡಿಸಲಾಗಿದೆ. ಹೊಸಪೇಟೆ ತಾಲೂಕಿನ ವಿದ್ಯುತ್ ಗ್ರಾಹಕರು ಸಭೆಯಲ್ಲಿ ಭಾಗವಹಿಸಿ ವಿದ್ಯುತ್ ಸಮಸ್ಯೆಗಳ ಬಗ್ಗೆ ಅಹವಾಲು ಸಲ್ಲಿಸಬಹುದು ಎಂದು ಜೆಸ್ಕಾಂ ಅಧಿಕಾರಿಗಳು ತಿಳಿಸಿದ್ದಾರೆ.
ಕೃಷಿಮೇಳದಲ್ಲಿ ಗಮನ ಸೆಳೆದ ಪುಂಗನೂರು ತಳಿಯ ಹಸು
ಬೆಂಗಳೂರು, ನ.13-ಭಾರತದ ಸುಮಾರು 2.5 ರಿಂದ 3 ಅಡಿ ಎತ್ತರ ಹಸುಗಳು 100150 ಕೆ.ಜಿ. ತೂಕದ ಪುಂಗನೂರು ತಳಿಯ ಹಸು ಕೃಷಿಮೇಳದಲ್ಲಿ ಗಮನ ಸೆಳೆದಿದೆ. ಆಂಧ್ರಪ್ರದೇಶದ ಚಿತ್ತೂರು ಜಿಲ್ಲೆಯ ಪುಂಗನೂರು ಪ್ರದೇಶದ ಈ ತಳಿ ವಿಶ್ವದಲ್ಲೇ ಅತ್ಯಂತ ಚಿಕ್ಕ ತಳಿಯ ಹಸುಗಳಲ್ಲಿ ಒಂದಾಗಿದೆ. ಇದರ ಹಾಲಿನಲ್ಲಿ ಶೇ. 8 ರಷ್ಟು ಕೊಬ್ಬಿನಂಶ ಇರುತ್ತದೆ. ದಿನಕ್ಕೆ 1 ರಿಂದ 3 ಲೀಟರ್ ಹಾಲು ನೀಡುತ್ತದೆ. ಕಡಿಮೆ ಆಹಾರ ಸೇವಿಸುವ ಈ ತಳಿ ಹೆಚ್ಚು ಶಾಖವನ್ನು ತಡೆದುಕೊಳ್ಳುತ್ತದೆ. ಸುಮಾರು 70 ರಿಂದ 90 ಸೆ.ಮೀ. ಎತ್ತರವಿರುವ ಈ ಹಸುಗಳು ಬಹುತೇಕ ಬಿಳಿ ಮತ್ತು ತಿಳಿ ಕಂದು ಬಣ್ಣದಲ್ಲಿರುತ್ತವೆ. ರೈತರು ಹಾಗೂ ಸಾರ್ವಜನಿಕರು ಕುತೂಹಲದಿಂದ ವೀಕ್ಷಿಸಿದರು. ಈ ತಳಿಯ ಸಂರಕ್ಷಣೆಗೆ ಸರ್ಕಾರ ಹೆಚ್ಚಿನ ಒತ್ತು ನೀಡಬೇಕಿದೆ ಎಂದು ಪಶುಸಂಗೋಪನಾ ತಜ್ಞರು ಅಭಿಪ್ರಾಯಪಟ್ಟರು.
CMYK
CMYK
